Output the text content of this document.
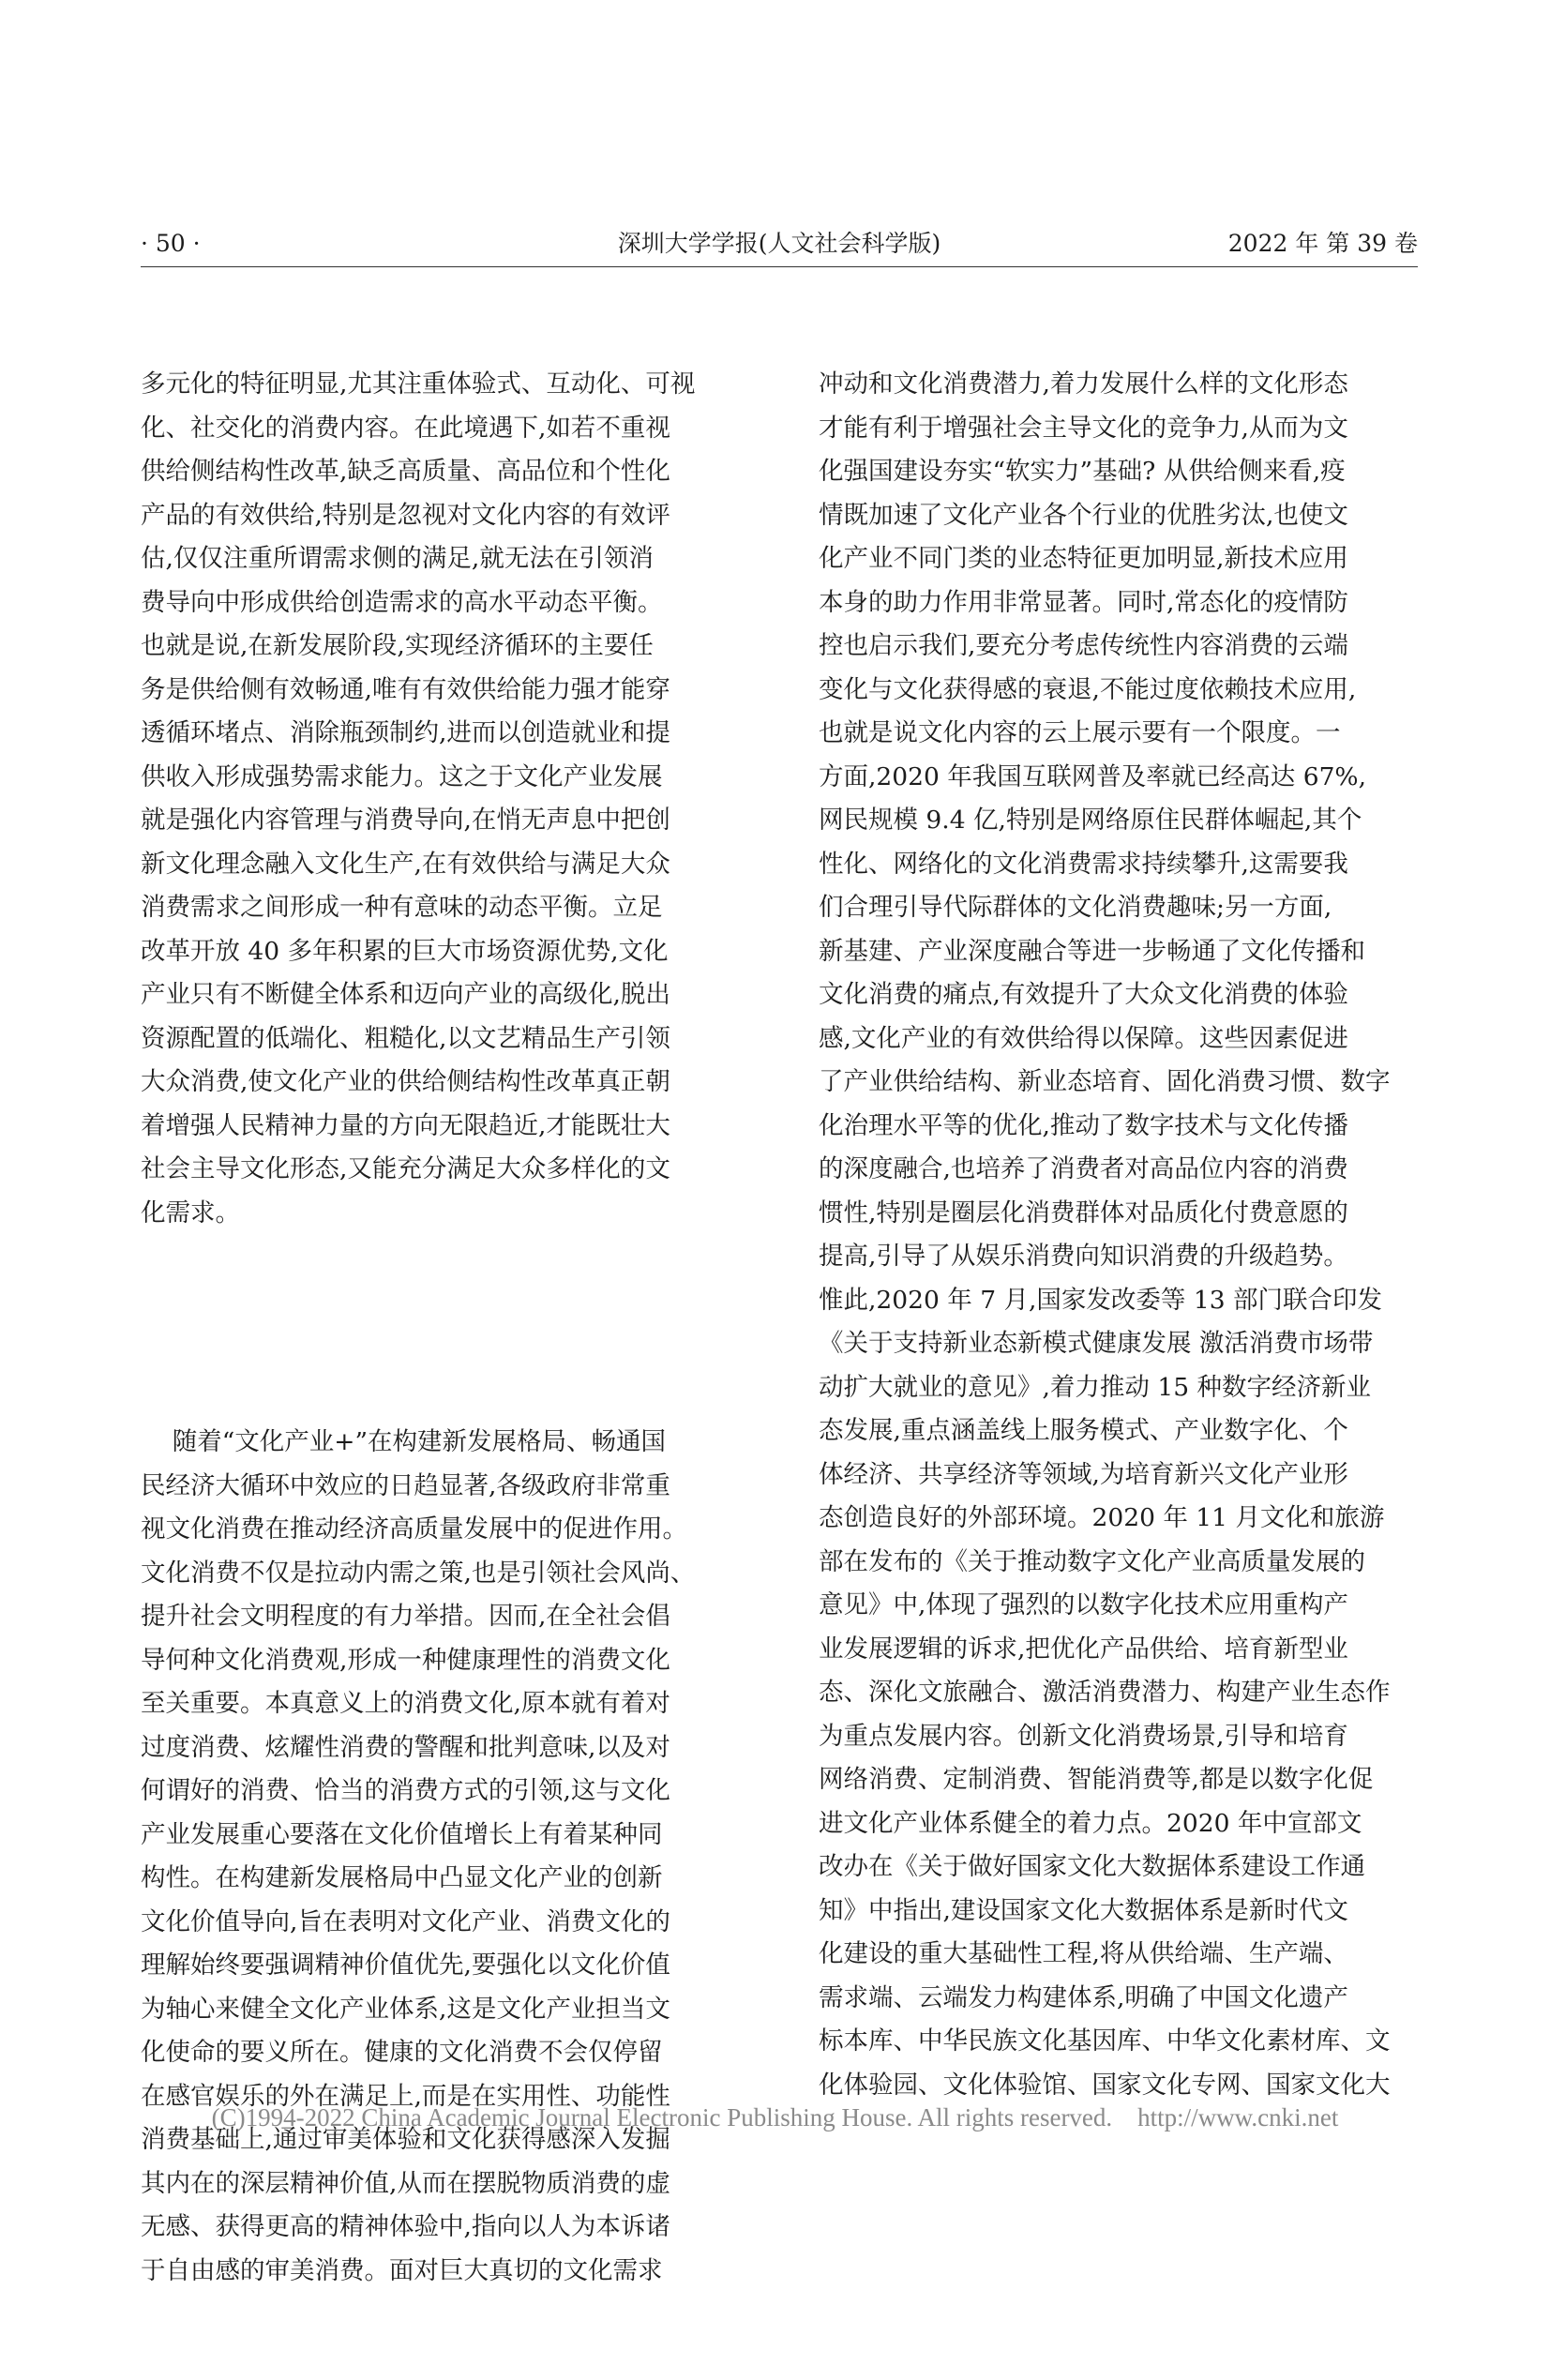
· 50 ·	深圳大学学报(人文社会科学版)	2022 年 第 39 卷

多元化的特征明显,尤其注重体验式、互动化、可视
化、社交化的消费内容。在此境遇下,如若不重视
供给侧结构性改革,缺乏高质量、高品位和个性化
产品的有效供给,特别是忽视对文化内容的有效评
估,仅仅注重所谓需求侧的满足,就无法在引领消
费导向中形成供给创造需求的高水平动态平衡。
也就是说,在新发展阶段,实现经济循环的主要任
务是供给侧有效畅通,唯有有效供给能力强才能穿
透循环堵点、消除瓶颈制约,进而以创造就业和提
供收入形成强势需求能力。这之于文化产业发展
就是强化内容管理与消费导向,在悄无声息中把创
新文化理念融入文化生产,在有效供给与满足大众
消费需求之间形成一种有意味的动态平衡。立足
改革开放 40 多年积累的巨大市场资源优势,文化
产业只有不断健全体系和迈向产业的高级化,脱出
资源配置的低端化、粗糙化,以文艺精品生产引领
大众消费,使文化产业的供给侧结构性改革真正朝
着增强人民精神力量的方向无限趋近,才能既壮大
社会主导文化形态,又能充分满足大众多样化的文
化需求。

随着“文化产业+”在构建新发展格局、畅通国
民经济大循环中效应的日趋显著,各级政府非常重
视文化消费在推动经济高质量发展中的促进作用。
文化消费不仅是拉动内需之策,也是引领社会风尚、
提升社会文明程度的有力举措。因而,在全社会倡
导何种文化消费观,形成一种健康理性的消费文化
至关重要。本真意义上的消费文化,原本就有着对
过度消费、炫耀性消费的警醒和批判意味,以及对
何谓好的消费、恰当的消费方式的引领,这与文化
产业发展重心要落在文化价值增长上有着某种同
构性。在构建新发展格局中凸显文化产业的创新
文化价值导向,旨在表明对文化产业、消费文化的
理解始终要强调精神价值优先,要强化以文化价值
为轴心来健全文化产业体系,这是文化产业担当文
化使命的要义所在。健康的文化消费不会仅停留
在感官娱乐的外在满足上,而是在实用性、功能性
消费基础上,通过审美体验和文化获得感深入发掘
其内在的深层精神价值,从而在摆脱物质消费的虚
无感、获得更高的精神体验中,指向以人为本诉诸
于自由感的审美消费。面对巨大真切的文化需求

冲动和文化消费潜力,着力发展什么样的文化形态
才能有利于增强社会主导文化的竞争力,从而为文
化强国建设夯实“软实力”基础? 从供给侧来看,疫
情既加速了文化产业各个行业的优胜劣汰,也使文
化产业不同门类的业态特征更加明显,新技术应用
本身的助力作用非常显著。同时,常态化的疫情防
控也启示我们,要充分考虑传统性内容消费的云端
变化与文化获得感的衰退,不能过度依赖技术应用,
也就是说文化内容的云上展示要有一个限度。一
方面,2020 年我国互联网普及率就已经高达 67%,
网民规模 9.4 亿,特别是网络原住民群体崛起,其个
性化、网络化的文化消费需求持续攀升,这需要我
们合理引导代际群体的文化消费趣味;另一方面,
新基建、产业深度融合等进一步畅通了文化传播和
文化消费的痛点,有效提升了大众文化消费的体验
感,文化产业的有效供给得以保障。这些因素促进
了产业供给结构、新业态培育、固化消费习惯、数字
化治理水平等的优化,推动了数字技术与文化传播
的深度融合,也培养了消费者对高品位内容的消费
惯性,特别是圈层化消费群体对品质化付费意愿的
提高,引导了从娱乐消费向知识消费的升级趋势。
惟此,2020 年 7 月,国家发改委等 13 部门联合印发
《关于支持新业态新模式健康发展 激活消费市场带
动扩大就业的意见》,着力推动 15 种数字经济新业
态发展,重点涵盖线上服务模式、产业数字化、个
体经济、共享经济等领域,为培育新兴文化产业形
态创造良好的外部环境。2020 年 11 月文化和旅游
部在发布的《关于推动数字文化产业高质量发展的
意见》中,体现了强烈的以数字化技术应用重构产
业发展逻辑的诉求,把优化产品供给、培育新型业
态、深化文旅融合、激活消费潜力、构建产业生态作
为重点发展内容。创新文化消费场景,引导和培育
网络消费、定制消费、智能消费等,都是以数字化促
进文化产业体系健全的着力点。2020 年中宣部文
改办在《关于做好国家文化大数据体系建设工作通
知》中指出,建设国家文化大数据体系是新时代文
化建设的重大基础性工程,将从供给端、生产端、
需求端、云端发力构建体系,明确了中国文化遗产
标本库、中华民族文化基因库、中华文化素材库、文
化体验园、文化体验馆、国家文化专网、国家文化大

(C)1994-2022 China Academic Journal Electronic Publishing House. All rights reserved.    http://www.cnki.net
